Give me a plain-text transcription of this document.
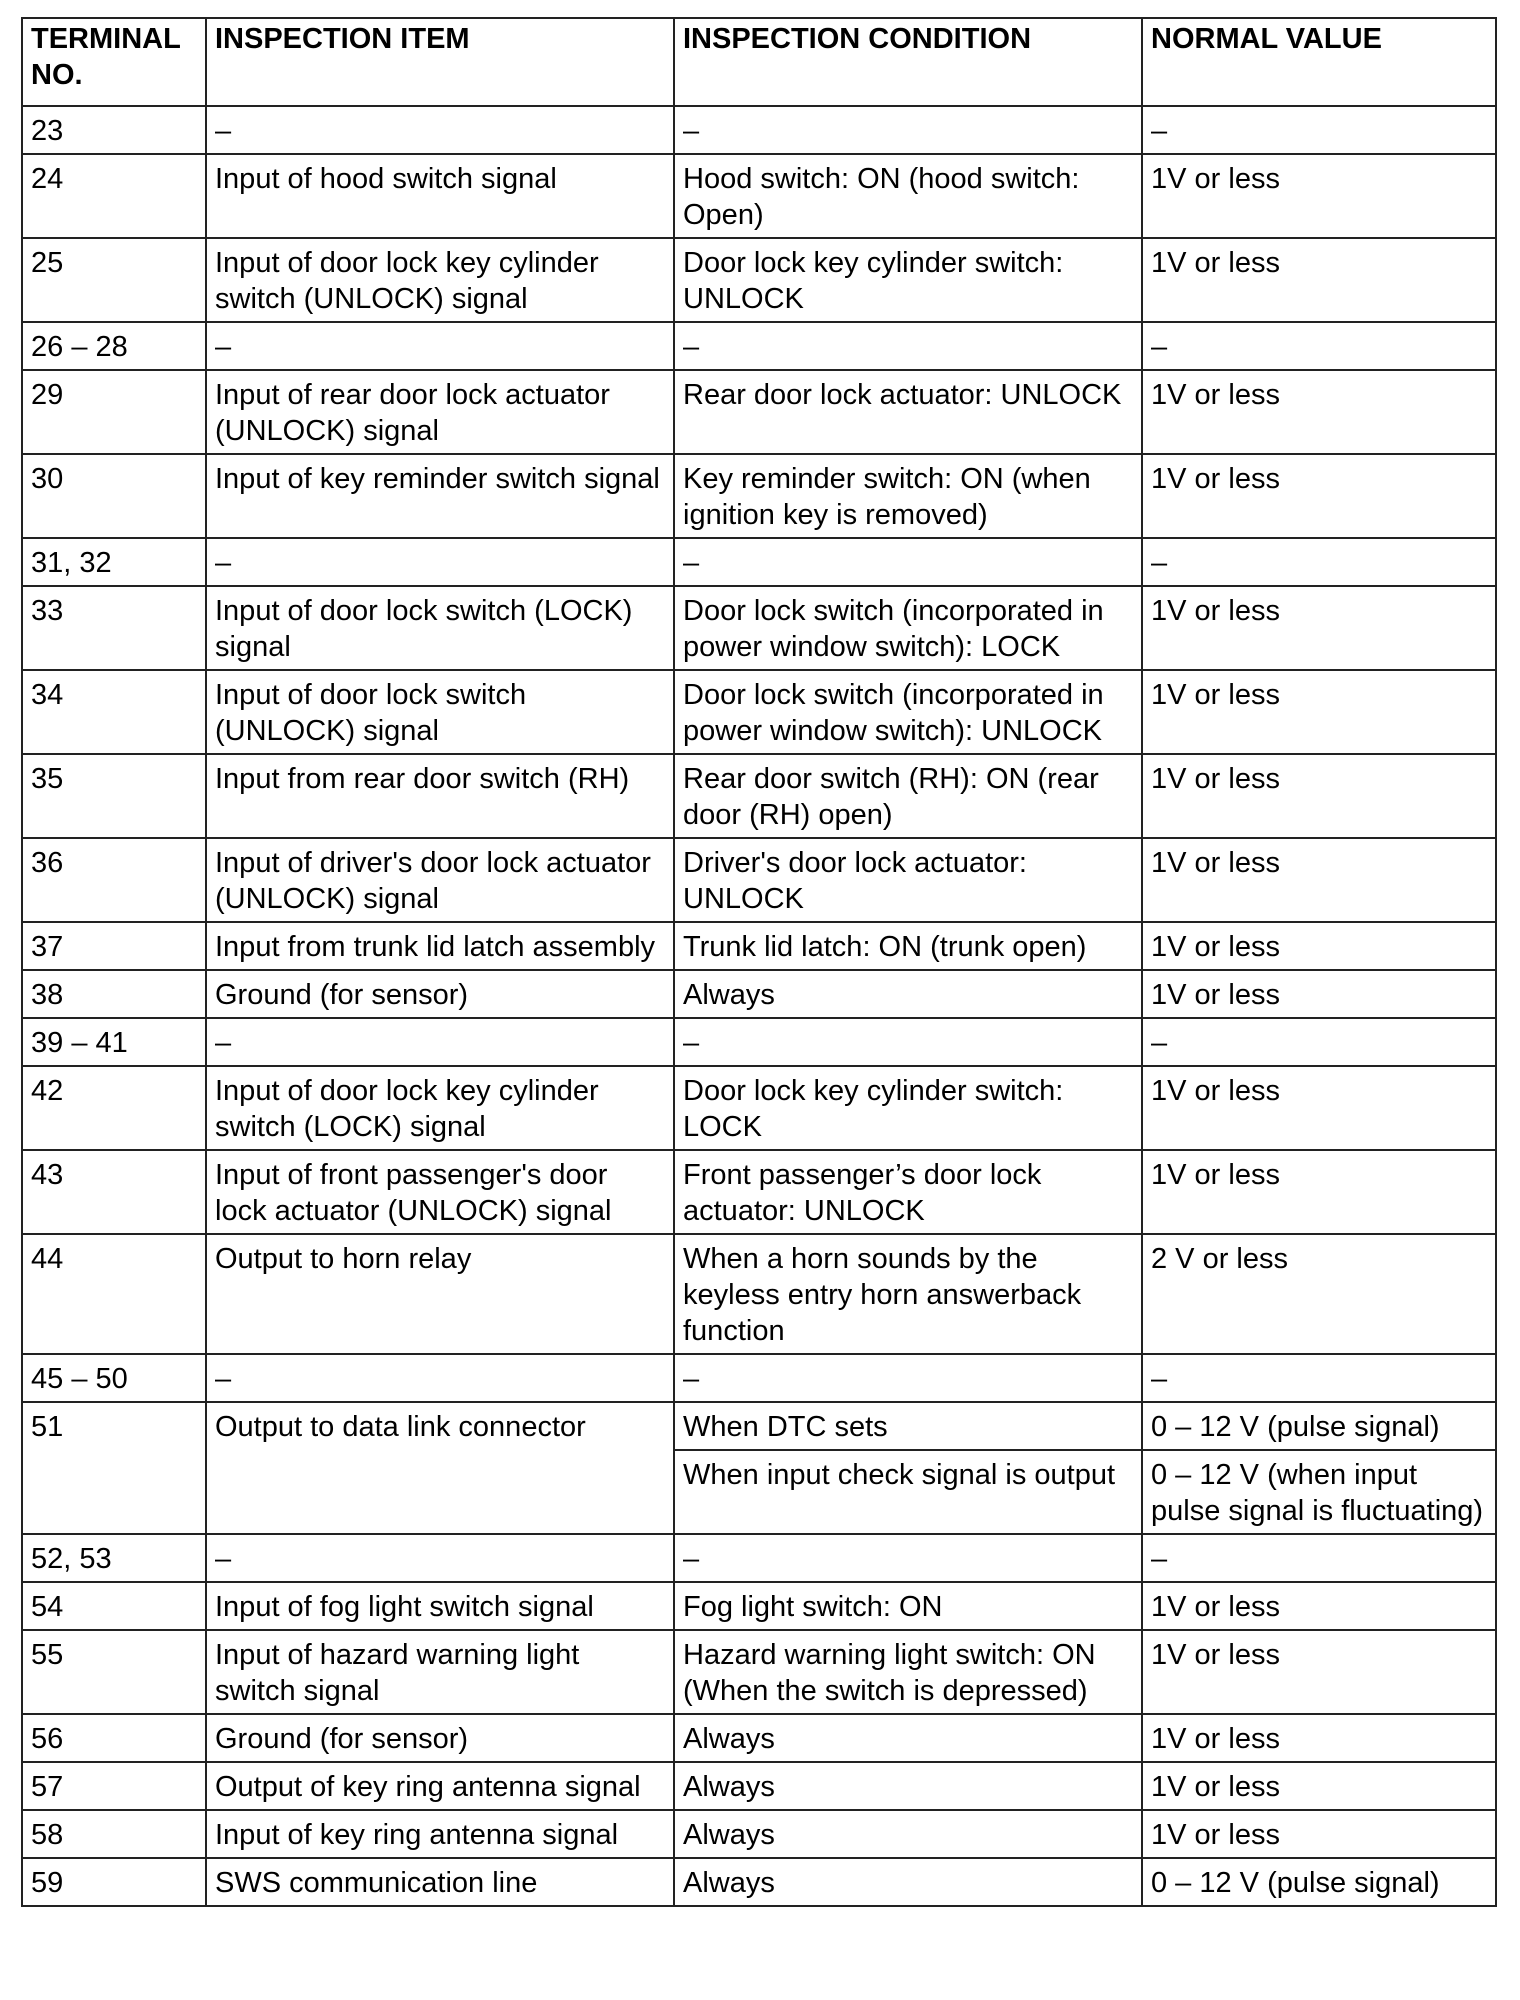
TERMINAL NO.	INSPECTION ITEM	INSPECTION CONDITION	NORMAL VALUE
23	–	–	–
24	Input of hood switch signal	Hood switch: ON (hood switch: Open)	1V or less
25	Input of door lock key cylinder switch (UNLOCK) signal	Door lock key cylinder switch: UNLOCK	1V or less
26 – 28	–	–	–
29	Input of rear door lock actuator (UNLOCK) signal	Rear door lock actuator: UNLOCK	1V or less
30	Input of key reminder switch signal	Key reminder switch: ON (when ignition key is removed)	1V or less
31, 32	–	–	–
33	Input of door lock switch (LOCK) signal	Door lock switch (incorporated in power window switch): LOCK	1V or less
34	Input of door lock switch (UNLOCK) signal	Door lock switch (incorporated in power window switch): UNLOCK	1V or less
35	Input from rear door switch (RH)	Rear door switch (RH): ON (rear door (RH) open)	1V or less
36	Input of driver's door lock actuator (UNLOCK) signal	Driver's door lock actuator: UNLOCK	1V or less
37	Input from trunk lid latch assembly	Trunk lid latch: ON (trunk open)	1V or less
38	Ground (for sensor)	Always	1V or less
39 – 41	–	–	–
42	Input of door lock key cylinder switch (LOCK) signal	Door lock key cylinder switch: LOCK	1V or less
43	Input of front passenger's door lock actuator (UNLOCK) signal	Front passenger’s door lock actuator: UNLOCK	1V or less
44	Output to horn relay	When a horn sounds by the keyless entry horn answerback function	2 V or less
45 – 50	–	–	–
51	Output to data link connector	When DTC sets	0 – 12 V (pulse signal)
		When input check signal is output	0 – 12 V (when input pulse signal is fluctuating)
52, 53	–	–	–
54	Input of fog light switch signal	Fog light switch: ON	1V or less
55	Input of hazard warning light switch signal	Hazard warning light switch: ON (When the switch is depressed)	1V or less
56	Ground (for sensor)	Always	1V or less
57	Output of key ring antenna signal	Always	1V or less
58	Input of key ring antenna signal	Always	1V or less
59	SWS communication line	Always	0 – 12 V (pulse signal)
